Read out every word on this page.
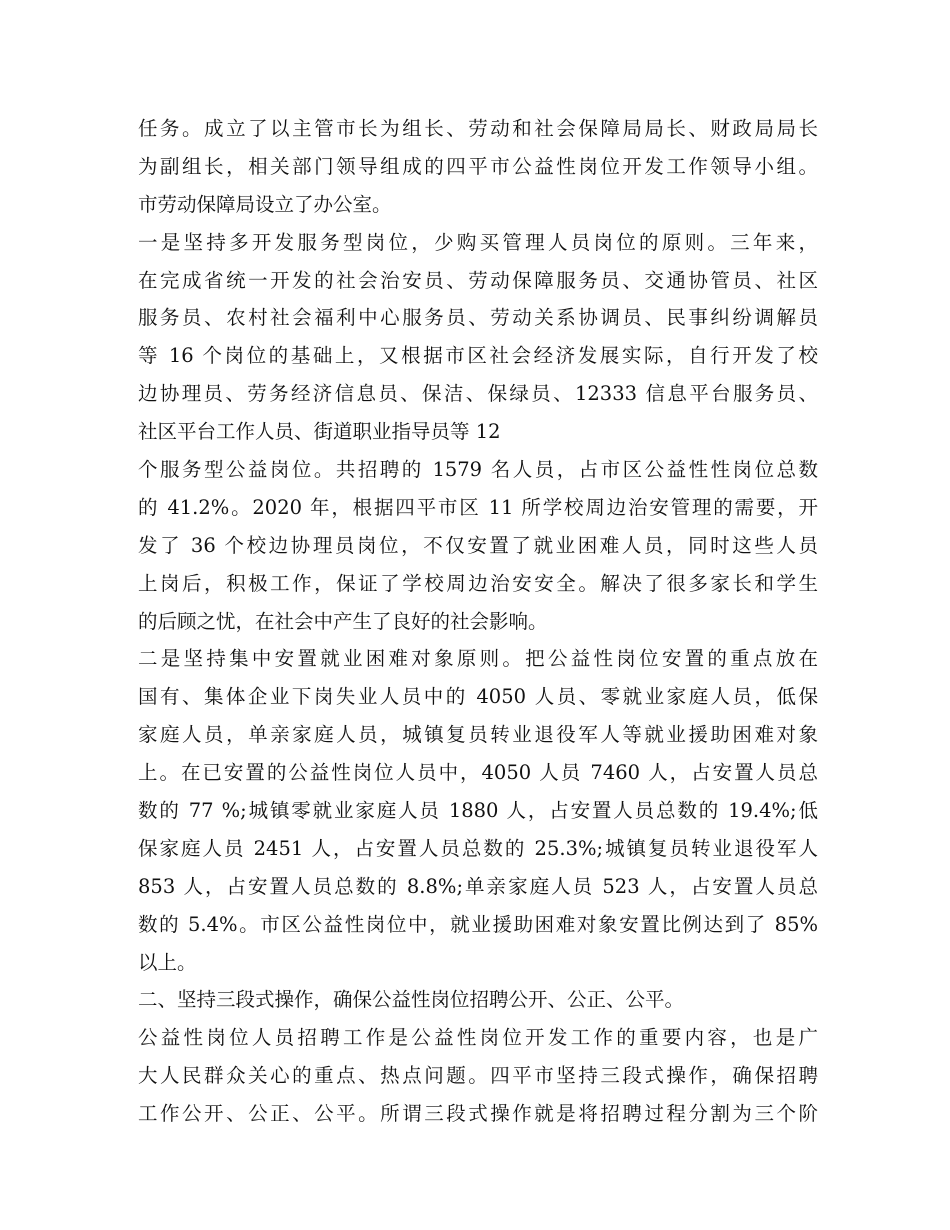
任务。成立了以主管市长为组长、劳动和社会保障局局长、财政局局长
为副组长，相关部门领导组成的四平市公益性岗位开发工作领导小组。
市劳动保障局设立了办公室。
一是坚持多开发服务型岗位，少购买管理人员岗位的原则。三年来，
在完成省统一开发的社会治安员、劳动保障服务员、交通协管员、社区
服务员、农村社会福利中心服务员、劳动关系协调员、民事纠纷调解员
等 16 个岗位的基础上，又根据市区社会经济发展实际，自行开发了校
边协理员、劳务经济信息员、保洁、保绿员、12333 信息平台服务员、
社区平台工作人员、街道职业指导员等 12
个服务型公益岗位。共招聘的 1579 名人员，占市区公益性性岗位总数
的 41.2%。2020 年，根据四平市区 11 所学校周边治安管理的需要，开
发了 36 个校边协理员岗位，不仅安置了就业困难人员，同时这些人员
上岗后，积极工作，保证了学校周边治安安全。解决了很多家长和学生
的后顾之忧，在社会中产生了良好的社会影响。
二是坚持集中安置就业困难对象原则。把公益性岗位安置的重点放在
国有、集体企业下岗失业人员中的 4050 人员、零就业家庭人员，低保
家庭人员，单亲家庭人员，城镇复员转业退役军人等就业援助困难对象
上。在已安置的公益性岗位人员中，4050 人员 7460 人，占安置人员总
数的 77 %;城镇零就业家庭人员 1880 人，占安置人员总数的 19.4%;低
保家庭人员 2451 人，占安置人员总数的 25.3%;城镇复员转业退役军人
853 人，占安置人员总数的 8.8%;单亲家庭人员 523 人，占安置人员总
数的 5.4%。市区公益性岗位中，就业援助困难对象安置比例达到了 85%
以上。
二、坚持三段式操作，确保公益性岗位招聘公开、公正、公平。
公益性岗位人员招聘工作是公益性岗位开发工作的重要内容，也是广
大人民群众关心的重点、热点问题。四平市坚持三段式操作，确保招聘
工作公开、公正、公平。所谓三段式操作就是将招聘过程分割为三个阶
